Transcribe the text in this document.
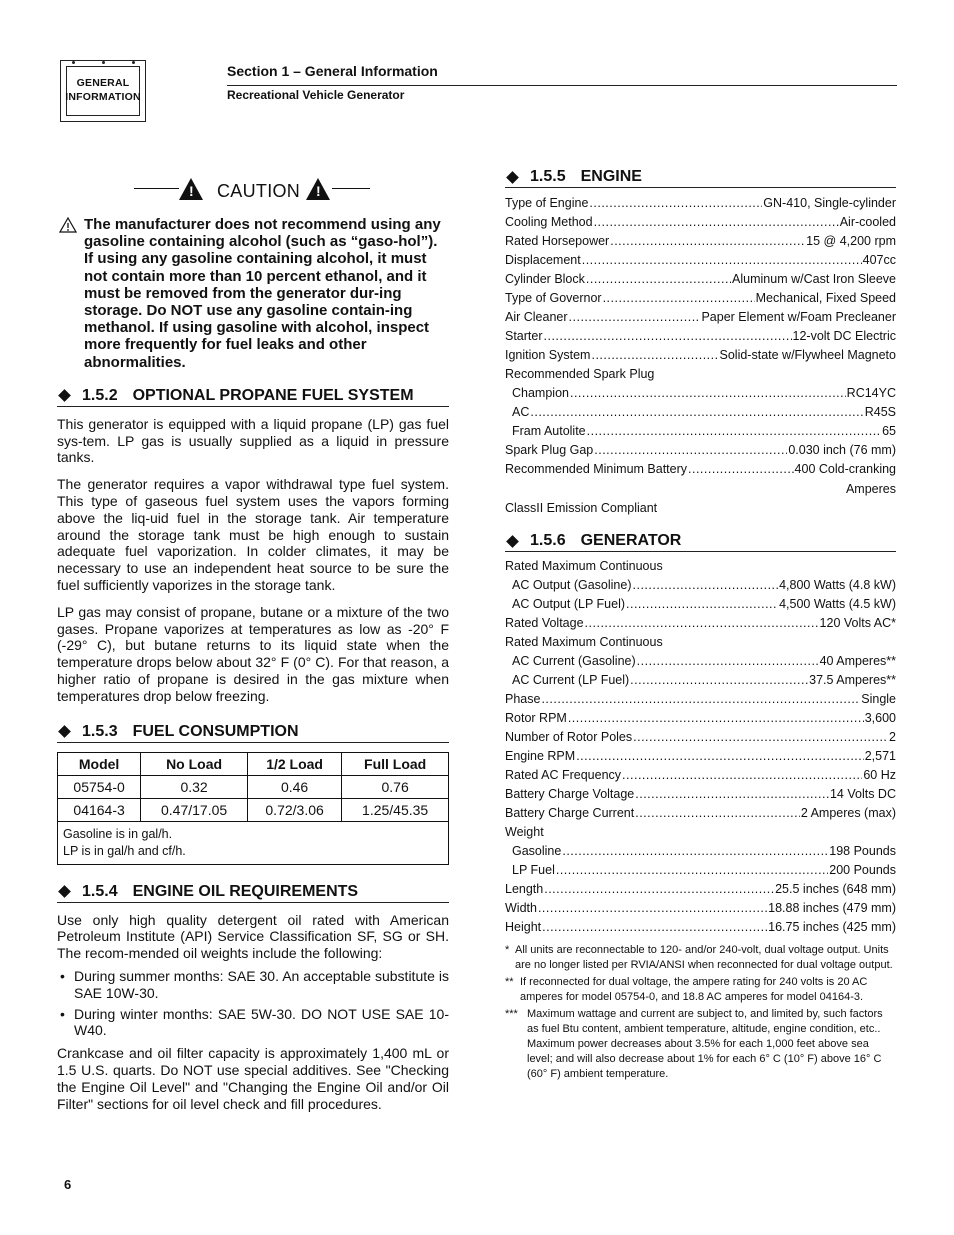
GENERAL
INFORMATION
Section 1 – General Information
Recreational Vehicle Generator
! CAUTION !
The manufacturer does not recommend using any gasoline containing alcohol (such as “gaso-hol”). If using any gasoline containing alcohol, it must not contain more than 10 percent ethanol, and it must be removed from the generator dur-ing storage. Do NOT use any gasoline contain-ing methanol. If using gasoline with alcohol, inspect more frequently for fuel leaks and other abnormalities.
1.5.2 OPTIONAL PROPANE FUEL SYSTEM

This generator is equipped with a liquid propane (LP) gas fuel sys-tem. LP gas is usually supplied as a liquid in pressure tanks.

The generator requires a vapor withdrawal type fuel system. This type of gaseous fuel system uses the vapors forming above the liq-uid fuel in the storage tank. Air temperature around the storage tank must be high enough to sustain adequate fuel vaporization. In colder climates, it may be necessary to use an independent heat source to be sure the fuel sufficiently vaporizes in the storage tank.

LP gas may consist of propane, butane or a mixture of the two gases. Propane vaporizes at temperatures as low as -20° F (-29° C), but butane returns to its liquid state when the temperature drops below about 32° F (0° C). For that reason, a higher ratio of propane is desired in the gas mixture when temperatures drop below freezing.

1.5.3 FUEL CONSUMPTION
Model	No Load	1/2 Load	Full Load
05754-0	0.32	0.46	0.76
04164-3	0.47/17.05	0.72/3.06	1.25/45.35

Gasoline is in gal/h.
LP is in gal/h and cf/h.			
1.5.4 ENGINE OIL REQUIREMENTS

Use only high quality detergent oil rated with American Petroleum Institute (API) Service Classification SF, SG or SH. The recom-mended oil weights include the following:

• During summer months: SAE 30. An acceptable substitute is SAE 10W-30.
• During winter months: SAE 5W-30. DO NOT USE SAE 10-W40.

Crankcase and oil filter capacity is approximately 1,400 mL or 1.5 U.S. quarts. Do NOT use special additives. See "Checking the Engine Oil Level" and "Changing the Engine Oil and/or Oil Filter" sections for oil level check and fill procedures.

1.5.5 ENGINE
Type of Engine .....	GN-410, Single-cylinder
Cooling Method .....	Air-cooled
Rated Horsepower .....	15 @ 4,200 rpm
Displacement .....	407cc
Cylinder Block .....	Aluminum w/Cast Iron Sleeve
Type of Governor .....	Mechanical, Fixed Speed
Air Cleaner .....	Paper Element w/Foam Precleaner
Starter .....	12-volt DC Electric
Ignition System .....	Solid-state w/Flywheel Magneto
Recommended Spark Plug
Champion .....	RC14YC
AC .....	R45S
Fram Autolite .....	65
Spark Plug Gap .....	0.030 inch (76 mm)
Recommended Minimum Battery .....	400 Cold-cranking
Amperes
ClassII Emission Compliant
1.5.6 GENERATOR
Rated Maximum Continuous
AC Output (Gasoline) .....	4,800 Watts (4.8 kW)
AC Output (LP Fuel) .....	4,500 Watts (4.5 kW)
Rated Voltage .....	120 Volts AC*
Rated Maximum Continuous
AC Current (Gasoline) .....	40 Amperes**
AC Current (LP Fuel) .....	37.5 Amperes**
Phase .....	Single
Rotor RPM .....	3,600
Number of Rotor Poles .....	2
Engine RPM .....	2,571
Rated AC Frequency .....	60 Hz
Battery Charge Voltage .....	14 Volts DC
Battery Charge Current .....	2 Amperes (max)
Weight
Gasoline .....	198 Pounds
LP Fuel .....	200 Pounds
Length .....	25.5 inches (648 mm)
Width .....	18.88 inches (479 mm)
Height .....	16.75 inches (425 mm)
* All units are reconnectable to 120- and/or 240-volt, dual voltage output. Units are no longer listed per RVIA/ANSI when reconnected for dual voltage output.
** If reconnected for dual voltage, the ampere rating for 240 volts is 20 AC amperes for model 05754-0, and 18.8 AC amperes for model 04164-3.
*** Maximum wattage and current are subject to, and limited by, such factors as fuel Btu content, ambient temperature, altitude, engine condition, etc.. Maximum power decreases about 3.5% for each 1,000 feet above sea level; and will also decrease about 1% for each 6° C (10° F) above 16° C (60° F) ambient temperature.
6
